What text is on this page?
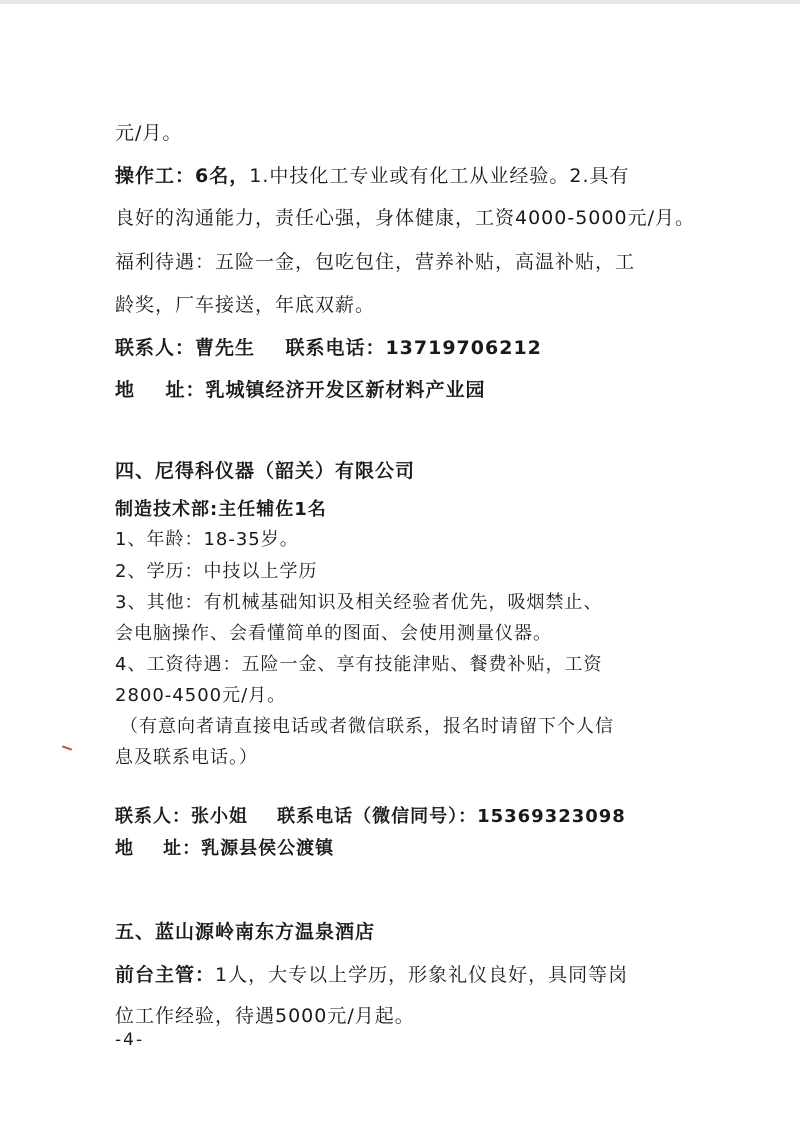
元/月。
操作工：6名，1.中技化工专业或有化工从业经验。2.具有
良好的沟通能力，责任心强，身体健康，工资4000-5000元/月。
福利待遇：五险一金，包吃包住，营养补贴，高温补贴，工
龄奖，厂车接送，年底双薪。
联系人：曹先生    联系电话：13719706212
地    址：乳城镇经济开发区新材料产业园
四、尼得科仪器（韶关）有限公司
制造技术部:主任辅佐1名
1、年龄：18-35岁。
2、学历：中技以上学历
3、其他：有机械基础知识及相关经验者优先，吸烟禁止、
会电脑操作、会看懂简单的图面、会使用测量仪器。
4、工资待遇：五险一金、享有技能津贴、餐费补贴，工资
2800-4500元/月。
（有意向者请直接电话或者微信联系，报名时请留下个人信
息及联系电话。）
联系人：张小姐    联系电话（微信同号）：15369323098
地    址：乳源县侯公渡镇
五、蓝山源岭南东方温泉酒店
前台主管：1人，大专以上学历，形象礼仪良好，具同等岗
位工作经验，待遇5000元/月起。
-4-
